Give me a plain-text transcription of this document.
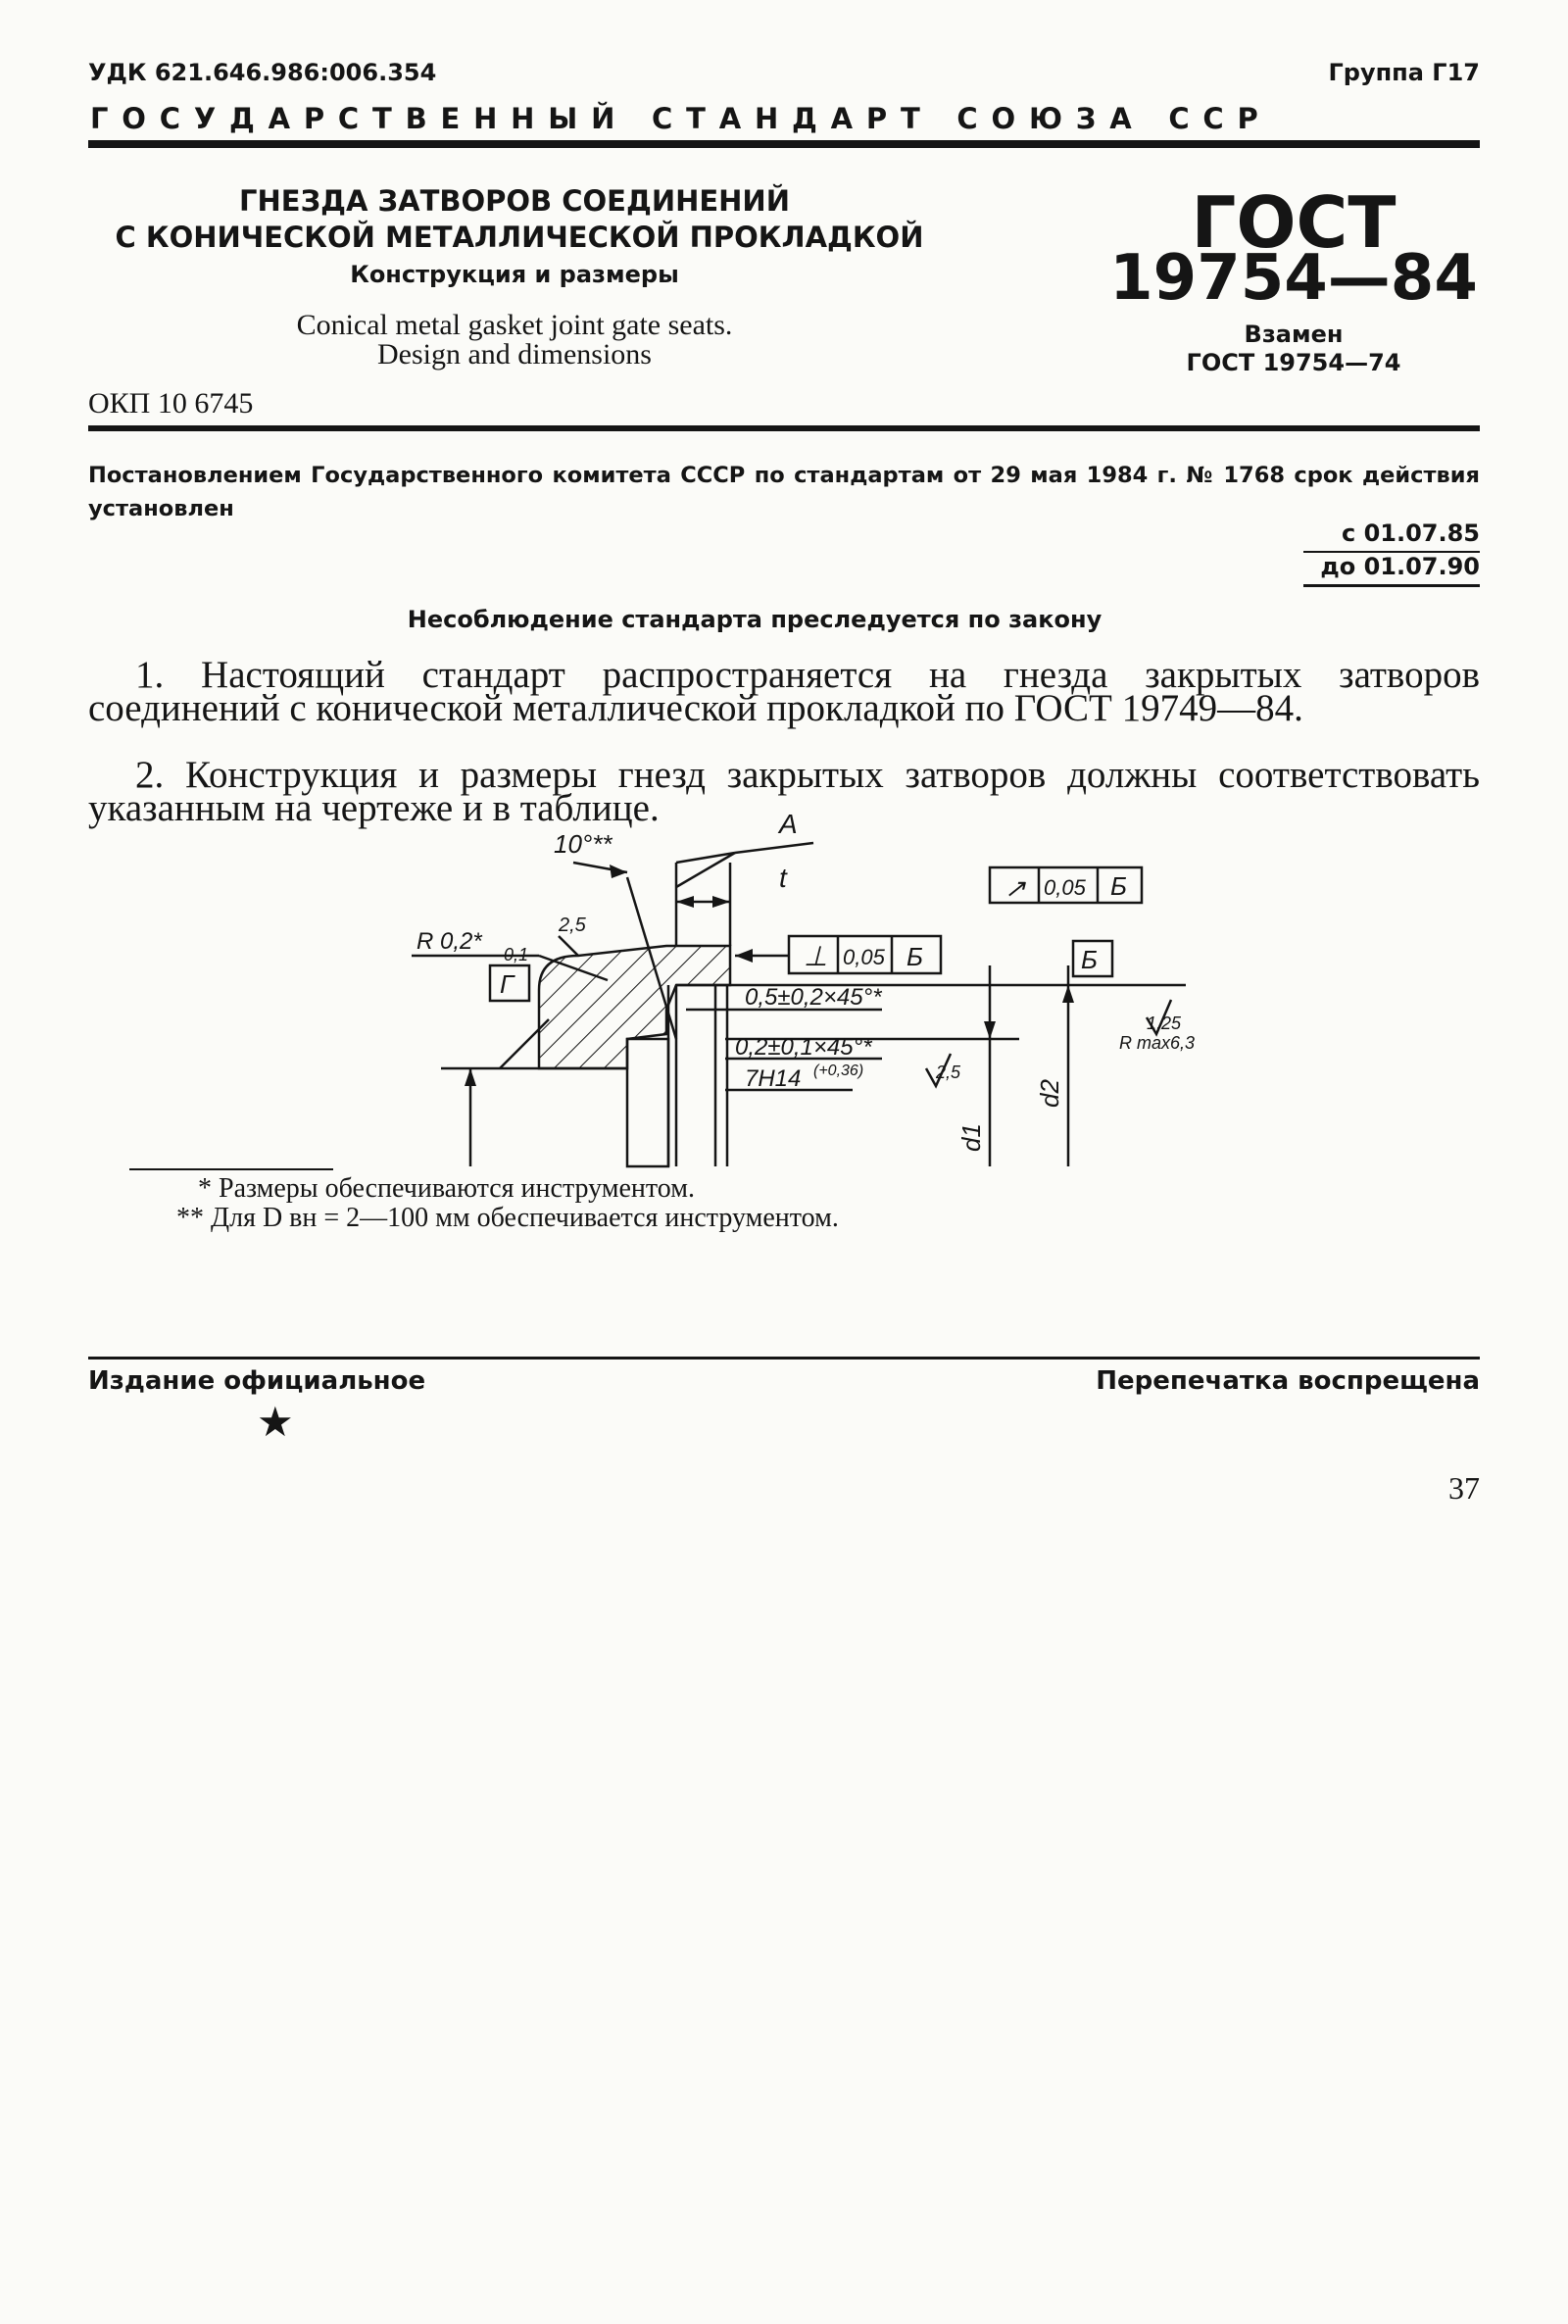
УДК 621.646.986:006.354	Группа Г17
ГОСУДАРСТВЕННЫЙ СТАНДАРТ СОЮЗА ССР
ГНЕЗДА ЗАТВОРОВ СОЕДИНЕНИЙ
С КОНИЧЕСКОЙ МЕТАЛЛИЧЕСКОЙ ПРОКЛАДКОЙ
Конструкция и размеры
Conical metal gasket joint gate seats.
Design and dimensions
ОКП 10 6745
ГОСТ
19754—84
Взамен
ГОСТ 19754—74
Постановлением Государственного комитета СССР по стандартам от 29 мая 1984 г. № 1768 срок действия установлен
с 01.07.85
до 01.07.90
Несоблюдение стандарта преследуется по закону
1. Настоящий стандарт распространяется на гнезда закрытых затворов соединений с конической металлической прокладкой по ГОСТ 19749—84.
2. Конструкция и размеры гнезд закрытых затворов должны соответствовать указанным на чертеже и в таблице.
10°**
A
t
R 0,2* -0,1
2,5
Г
⊥ 0,05 Б
↗ 0,05 Б
Б
0,5±0,2×45°*
0,2±0,1×45°*
2,5
1,25
R max6,3
7H14 (+0,36)
d1
d2
* Размеры обеспечиваются инструментом.
** Для D вн = 2—100 мм обеспечивается инструментом.
Издание официальное	Перепечатка воспрещена
★
37
